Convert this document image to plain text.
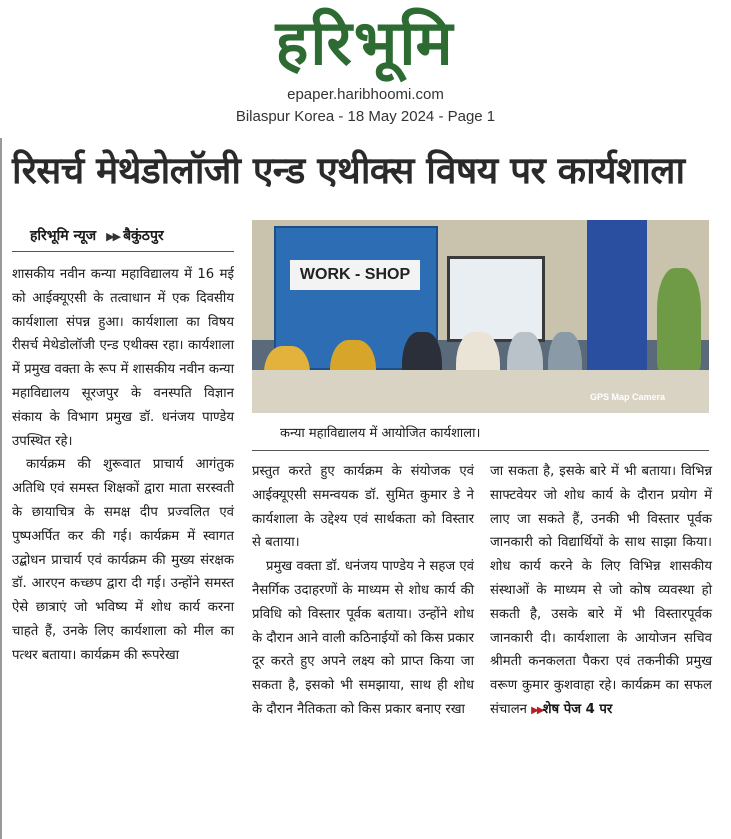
हरिभूमि
epaper.haribhoomi.com
Bilaspur Korea - 18 May 2024 - Page 1
रिसर्च मेथेडोलॉजी एन्ड एथीक्स विषय पर कार्यशाला
हरिभूमि न्यूज ▶▶ बैकुंठपुर
WORK - SHOP
GPS Map Camera
कन्या महाविद्यालय में आयोजित कार्यशाला।

शासकीय नवीन कन्या महाविद्यालय में 16 मई को आईक्यूएसी के तत्वाधान में एक दिवसीय कार्यशाला संपन्न हुआ। कार्यशाला का विषय रीसर्च मेथेडोलॉजी एन्ड एथीक्स रहा। कार्यशाला में प्रमुख वक्ता के रूप में शासकीय नवीन कन्या महाविद्यालय सूरजपुर के वनस्पति विज्ञान संकाय के विभाग प्रमुख डॉ. धनंजय पाण्डेय उपस्थित रहे।

कार्यक्रम की शुरूवात प्राचार्य आगंतुक अतिथि एवं समस्त शिक्षकों द्वारा माता सरस्वती के छायाचित्र के समक्ष दीप प्रज्वलित एवं पुष्पअर्पित कर की गई। कार्यक्रम में स्वागत उद्बोधन प्राचार्य एवं कार्यक्रम की मुख्य संरक्षक डॉ. आरएन कच्छप द्वारा दी गई। उन्होंने समस्त ऐसे छात्राएं जो भविष्य में शोध कार्य करना चाहते हैं, उनके लिए कार्यशाला को मील का पत्थर बताया। कार्यक्रम की रूपरेखा

प्रस्तुत करते हुए कार्यक्रम के संयोजक एवं आईक्यूएसी समन्वयक डॉ. सुमित कुमार डे ने कार्यशाला के उद्देश्य एवं सार्थकता को विस्तार से बताया।

प्रमुख वक्ता डॉ. धनंजय पाण्डेय ने सहज एवं नैसर्गिक उदाहरणों के माध्यम से शोध कार्य की प्रविधि को विस्तार पूर्वक बताया। उन्होंने शोध के दौरान आने वाली कठिनाईयों को किस प्रकार दूर करते हुए अपने लक्ष्य को प्राप्त किया जा सकता है, इसको भी समझाया, साथ ही शोध के दौरान नैतिकता को किस प्रकार बनाए रखा

जा सकता है, इसके बारे में भी बताया। विभिन्न साफ्टवेयर जो शोध कार्य के दौरान प्रयोग में लाए जा सकते हैं, उनकी भी विस्तार पूर्वक जानकारी को विद्यार्थियों के साथ साझा किया। शोध कार्य करने के लिए विभिन्न शासकीय संस्थाओं के माध्यम से जो कोष व्यवस्था हो सकती है, उसके बारे में भी विस्तारपूर्वक जानकारी दी। कार्यशाला के आयोजन सचिव श्रीमती कनकलता पैकरा एवं तकनीकी प्रमुख वरूण कुमार कुशवाहा रहे। कार्यक्रम का सफल संचालन ▶▶शेष पेज 4 पर
